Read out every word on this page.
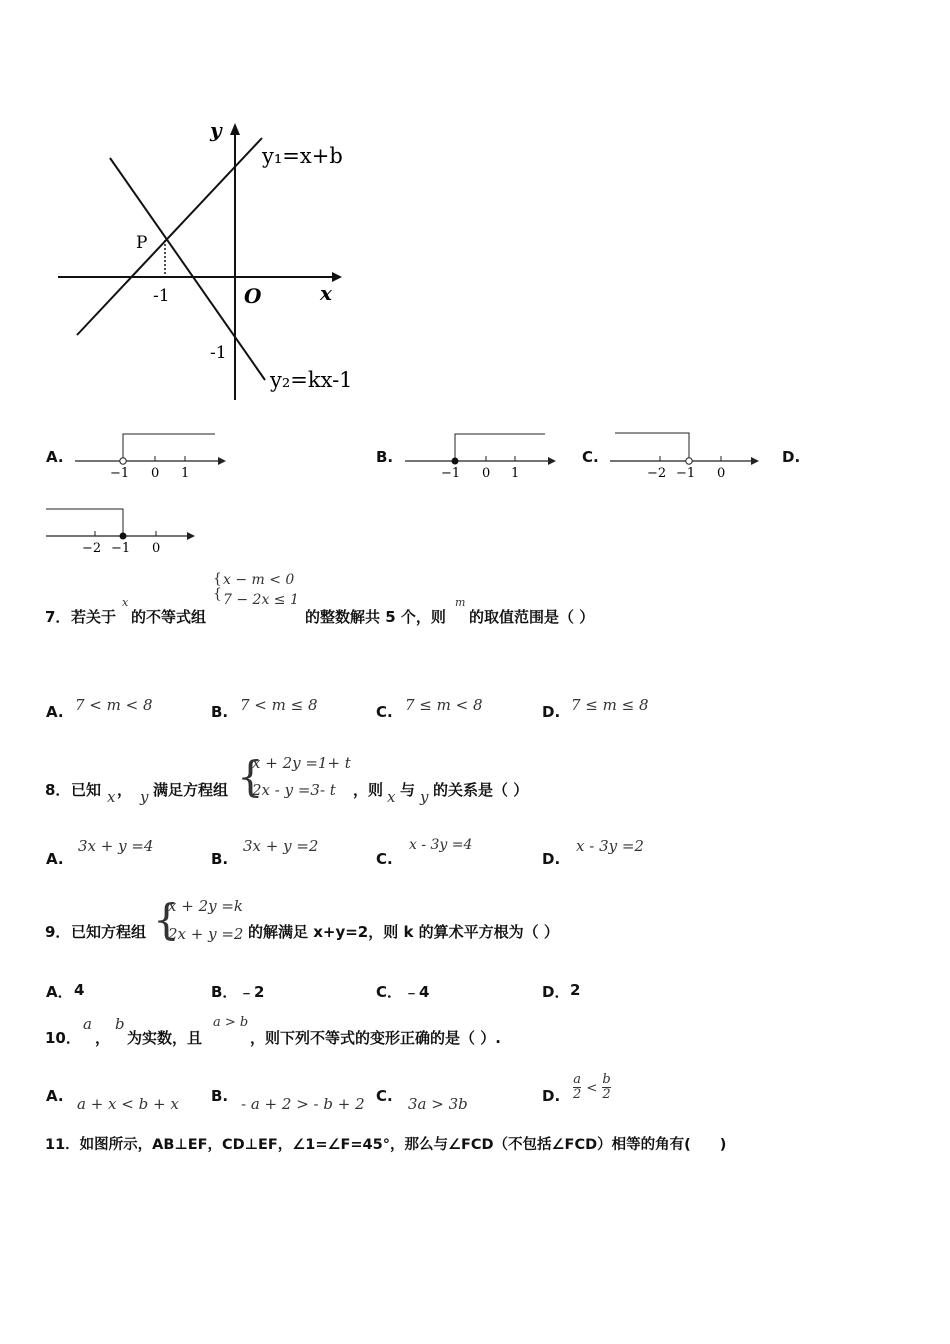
y
x
O
y₁=x+b
y₂=kx-1
P
-1
-1
A.
−1 0 1
B.
−1 0 1
C.
−2 −1 0
D.
−2 −1 0
7． 若关于
x
的不等式组
{
{
x − m < 0
7 − 2x ≤ 1
的整数解共 5 个，则
m
的取值范围是（ ）
A. 7 < m < 8	B. 7 < m ≤ 8	C. 7 ≤ m < 8	D. 7 ≤ m ≤ 8
8． 已知 x ， y 满足方程组 {
x + 2y =1+ t
2x - y =3- t ，则 x 与 y 的关系是（ ）
A.
3x + y =4
B.
3x + y =2
C.
x - 3y =4
D.
x - 3y =2
9． 已知方程组 {
x + 2y =k
2x + y =2 的解满足 x+y=2，则 k 的算术平方根为（ ）
A． 4	B． ﹣2	C． ﹣4	D． 2
10．
a
，
b
为实数，且
a > b
，则下列不等式的变形正确的是（ ）.
A. a + x < b + x B. - a + 2 > - b + 2 C. 3a > 3b	D. $\frac{a}{2} < \frac{b}{2}$
11．如图所示，AB⊥EF，CD⊥EF，∠1=∠F=45°，那么与∠FCD（不包括∠FCD）相等的角有(　　)
